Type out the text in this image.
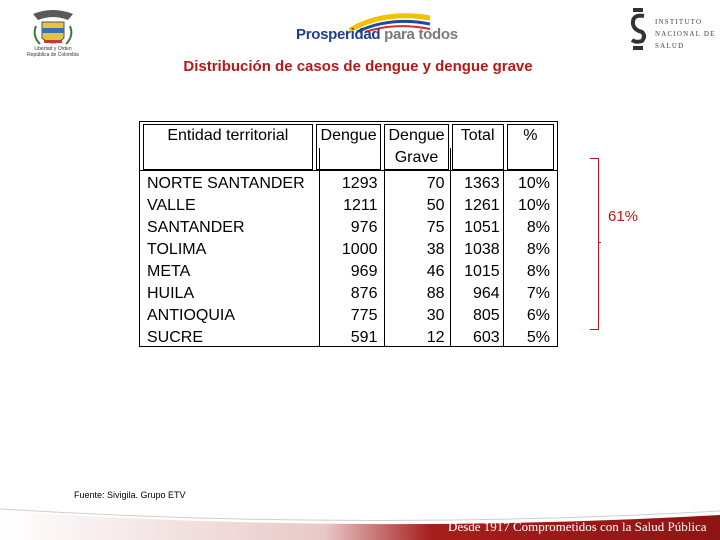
Libertad y Orden
República de Colombia
Prosperidad para todos
INSTITUTO
NACIONAL DE
SALUD
Distribución de casos de dengue y dengue grave
Entidad territorial	Dengue	Dengue Grave	Total	%
NORTE SANTANDER	1293	70	1363	10%
VALLE	1211	50	1261	10%
SANTANDER	976	75	1051	8%
TOLIMA	1000	38	1038	8%
META	969	46	1015	8%
HUILA	876	88	964	7%
ANTIOQUIA	775	30	805	6%
SUCRE	591	12	603	5%
61%
Fuente: Sivigila. Grupo ETV
Desde 1917 Comprometidos con la Salud Pública
